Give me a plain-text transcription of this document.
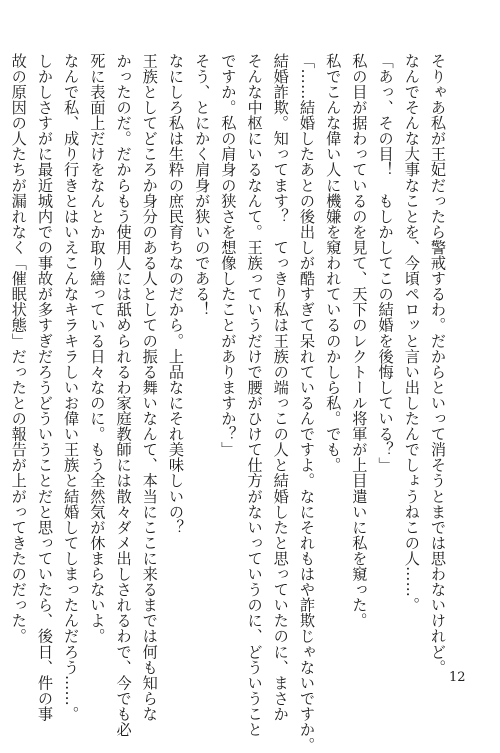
そりゃあ私が王妃だったら警戒するわ。だからといって消そうとまでは思わないけれど。
なんでそんな大事なことを、今頃ペロッと言い出したんでしょうねこの人……。
「あっ、その目！　もしかしてこの結婚を後悔している？」
私の目が据わっているのを見て、天下のレクトール将軍が上目遣いに私を窺った。
私でこんな偉い人に機嫌を窺われているのかしら私。でも。
「……結婚したあとの後出しが酷すぎて呆れているんですよ。なにそれもはや詐欺じゃないですか。
結婚詐欺。知ってます？　てっきり私は王族の端っこの人と結婚したと思っていたのに、まさか
そんな中枢にいるなんて。王族っていうだけで腰がひけて仕方がないっていうのに、どういうこと
ですか。私の肩身の狭さを想像したことがありますか？」
そう、とにかく肩身が狭いのである！
なにしろ私は生粋の庶民育ちなのだから。上品なにそれ美味しいの？
王族としてどころか身分のある人としての振る舞いなんて、本当にここに来るまでは何も知らな
かったのだ。だからもう使用人には舐められるわ家庭教師には散々ダメ出しされるわで、今でも必
死に表面上だけをなんとか取り繕っている日々なのに。もう全然気が休まらないよ。
なんで私、成り行きとはいえこんなキラキラしいお偉い王族と結婚してしまったんだろう……。
しかしさすがに最近城内での事故が多すぎだろうどういうことだと思っていたら、後日、件の事
故の原因の人たちが漏れなく「催眠状態」だったとの報告が上がってきたのだった。
12
